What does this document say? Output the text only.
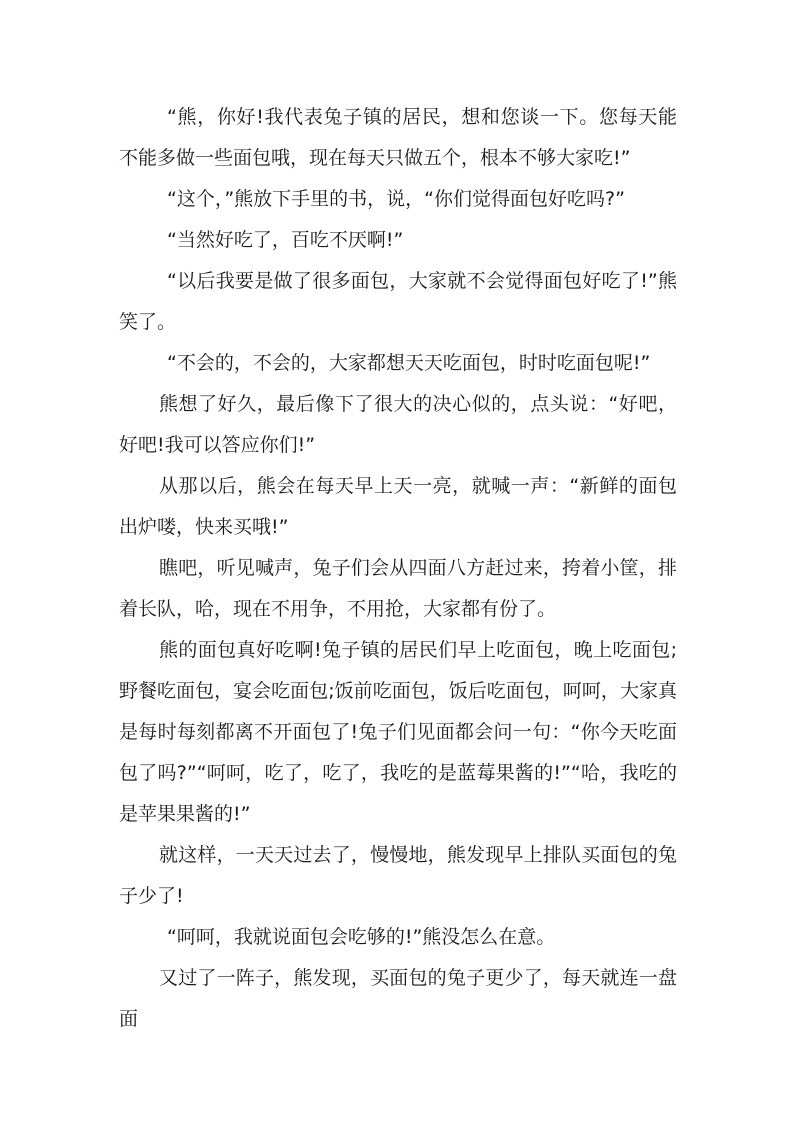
“熊，你好!我代表兔子镇的居民，想和您谈一下。您每天能不能多做一些面包哦，现在每天只做五个，根本不够大家吃!”

“这个，”熊放下手里的书，说，“你们觉得面包好吃吗?”

“当然好吃了，百吃不厌啊!”

“以后我要是做了很多面包，大家就不会觉得面包好吃了!”熊笑了。

“不会的，不会的，大家都想天天吃面包，时时吃面包呢!”

熊想了好久，最后像下了很大的决心似的，点头说：“好吧，好吧!我可以答应你们!”

从那以后，熊会在每天早上天一亮，就喊一声：“新鲜的面包出炉喽，快来买哦!”

瞧吧，听见喊声，兔子们会从四面八方赶过来，挎着小筐，排着长队，哈，现在不用争，不用抢，大家都有份了。

熊的面包真好吃啊!兔子镇的居民们早上吃面包，晚上吃面包;野餐吃面包，宴会吃面包;饭前吃面包，饭后吃面包，呵呵，大家真是每时每刻都离不开面包了!兔子们见面都会问一句：“你今天吃面包了吗?”“呵呵，吃了，吃了，我吃的是蓝莓果酱的!”“哈，我吃的是苹果果酱的!”

就这样，一天天过去了，慢慢地，熊发现早上排队买面包的兔子少了!

“呵呵，我就说面包会吃够的!”熊没怎么在意。

又过了一阵子，熊发现，买面包的兔子更少了，每天就连一盘面
